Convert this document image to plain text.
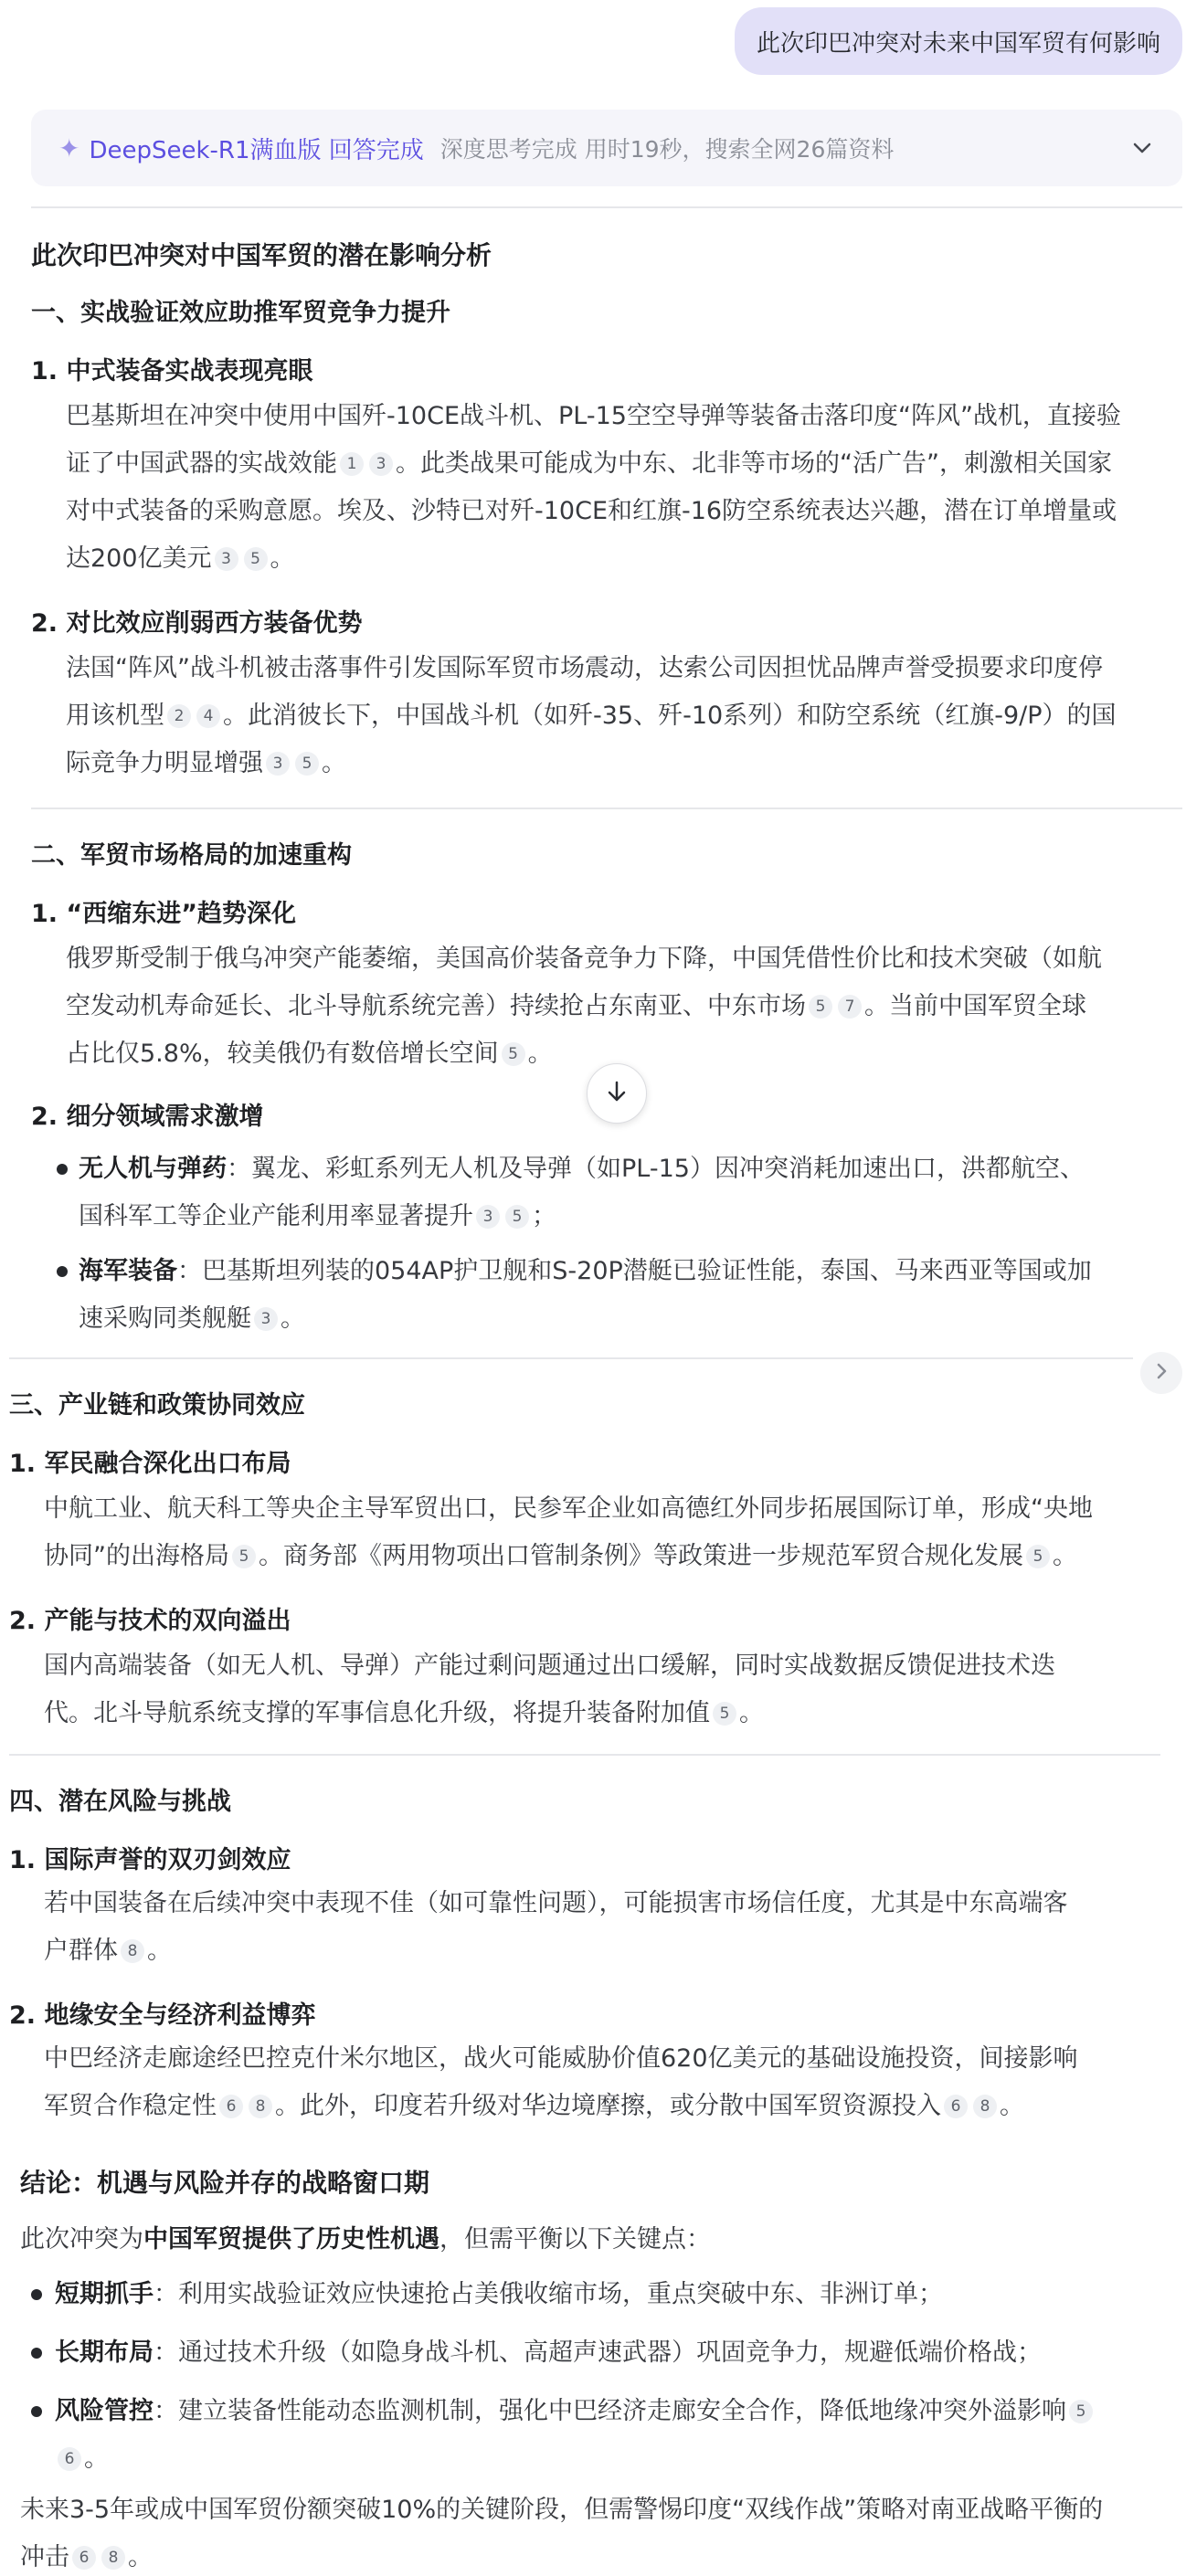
此次印巴冲突对未来中国军贸有何影响
✦ DeepSeek-R1满血版 回答完成 深度思考完成 用时19秒，搜索全网26篇资料
此次印巴冲突对中国军贸的潜在影响分析
一、实战验证效应助推军贸竞争力提升
1. 中式装备实战表现亮眼
巴基斯坦在冲突中使用中国歼-10CE战斗机、PL-15空空导弹等装备击落印度“阵风”战机，直接验
证了中国武器的实战效能 1 3 。此类战果可能成为中东、北非等市场的“活广告”，刺激相关国家
对中式装备的采购意愿。埃及、沙特已对歼-10CE和红旗-16防空系统表达兴趣，潜在订单增量或
达200亿美元 3 5 。
2. 对比效应削弱西方装备优势
法国“阵风”战斗机被击落事件引发国际军贸市场震动，达索公司因担忧品牌声誉受损要求印度停
用该机型 2 4 。此消彼长下，中国战斗机（如歼-35、歼-10系列）和防空系统（红旗-9/P）的国
际竞争力明显增强 3 5 。
二、军贸市场格局的加速重构
1. “西缩东进”趋势深化
俄罗斯受制于俄乌冲突产能萎缩，美国高价装备竞争力下降，中国凭借性价比和技术突破（如航
空发动机寿命延长、北斗导航系统完善）持续抢占东南亚、中东市场 5 7 。当前中国军贸全球
占比仅5.8%，较美俄仍有数倍增长空间 5 。
2. 细分领域需求激增
无人机与弹药：翼龙、彩虹系列无人机及导弹（如PL-15）因冲突消耗加速出口，洪都航空、
国科军工等企业产能利用率显著提升 3 5 ；
海军装备：巴基斯坦列装的054AP护卫舰和S-20P潜艇已验证性能，泰国、马来西亚等国或加
速采购同类舰艇 3 。
三、产业链和政策协同效应
1. 军民融合深化出口布局
中航工业、航天科工等央企主导军贸出口，民参军企业如高德红外同步拓展国际订单，形成“央地
协同”的出海格局 5 。商务部《两用物项出口管制条例》等政策进一步规范军贸合规化发展 5 。
2. 产能与技术的双向溢出
国内高端装备（如无人机、导弹）产能过剩问题通过出口缓解，同时实战数据反馈促进技术迭
代。北斗导航系统支撑的军事信息化升级，将提升装备附加值 5 。
四、潜在风险与挑战
1. 国际声誉的双刃剑效应
若中国装备在后续冲突中表现不佳（如可靠性问题），可能损害市场信任度，尤其是中东高端客
户群体 8 。
2. 地缘安全与经济利益博弈
中巴经济走廊途经巴控克什米尔地区，战火可能威胁价值620亿美元的基础设施投资，间接影响
军贸合作稳定性 6 8 。此外，印度若升级对华边境摩擦，或分散中国军贸资源投入 6 8 。
结论：机遇与风险并存的战略窗口期
此次冲突为中国军贸提供了历史性机遇，但需平衡以下关键点：
短期抓手：利用实战验证效应快速抢占美俄收缩市场，重点突破中东、非洲订单；
长期布局：通过技术升级（如隐身战斗机、高超声速武器）巩固竞争力，规避低端价格战；
风险管控：建立装备性能动态监测机制，强化中巴经济走廊安全合作，降低地缘冲突外溢影响 5
6 。
未来3-5年或成中国军贸份额突破10%的关键阶段，但需警惕印度“双线作战”策略对南亚战略平衡的
冲击 6 8 。
